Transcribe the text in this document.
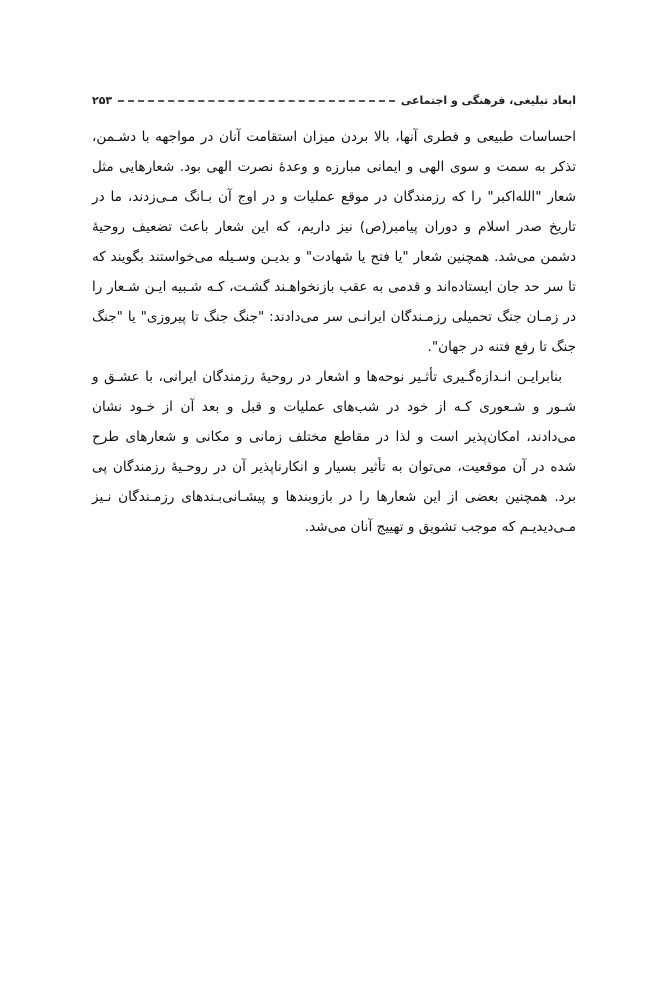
ابعاد تبلیغی، فرهنگی و اجتماعی
۲۵۳

احساسات طبیعی و فطری آنها، بالا بردن میزان استقامت آنان در مواجهه با دشـمن، تذکر به سمت و سوی الهی و ایمانی مبارزه و وعدهٔ نصرت الهی بود. شعارهایی مثل شعار "الله‌اکبر" را که رزمندگان در موقع عملیات و در اوج آن بـانگ مـی‌زدند، ما در تاریخ صدر اسلام و دوران پیامبر(ص) نیز داریم، که این شعار باعث تضعیف روحیهٔ دشمن می‌شد. همچنین شعار "یا فتح یا شهادت" و بدیـن وسـیله می‌خواستند بگویند که تا سر حد جان ایستاده‌اند و قدمی به عقب بازنخواهـند گشـت، کـه شـبیه ایـن شـعار را در زمـان جنگ تحمیلی رزمـندگان ایرانـی سر می‌دادند: "جنگ جنگ تا پیروزی" یا "جنگ جنگ تا رفع فتنه در جهان".

بنابرایـن انـدازه‌گـیری تأثـیر نوحه‌ها و اشعار در روحیهٔ رزمندگان ایرانی، با عشـق و شـور و شـعوری کـه از خود در شب‌های عملیات و قبل و بعد آن از خـود نشان می‌دادند، امکان‌پذیر است و لذا در مقاطع مختلف زمانی و مکانی و شعارهای طرح شده در آن موقعیت، می‌توان به تأثیر بسیار و انکارناپذیر آن در روحـیهٔ رزمندگان پی برد. همچنین بعضی از این شعارها را در بازوبندها و پیشـانی‌بـندهای رزمـندگان نـیز مـی‌دیدیـم که موجب تشویق و تهییج آنان می‌شد.
